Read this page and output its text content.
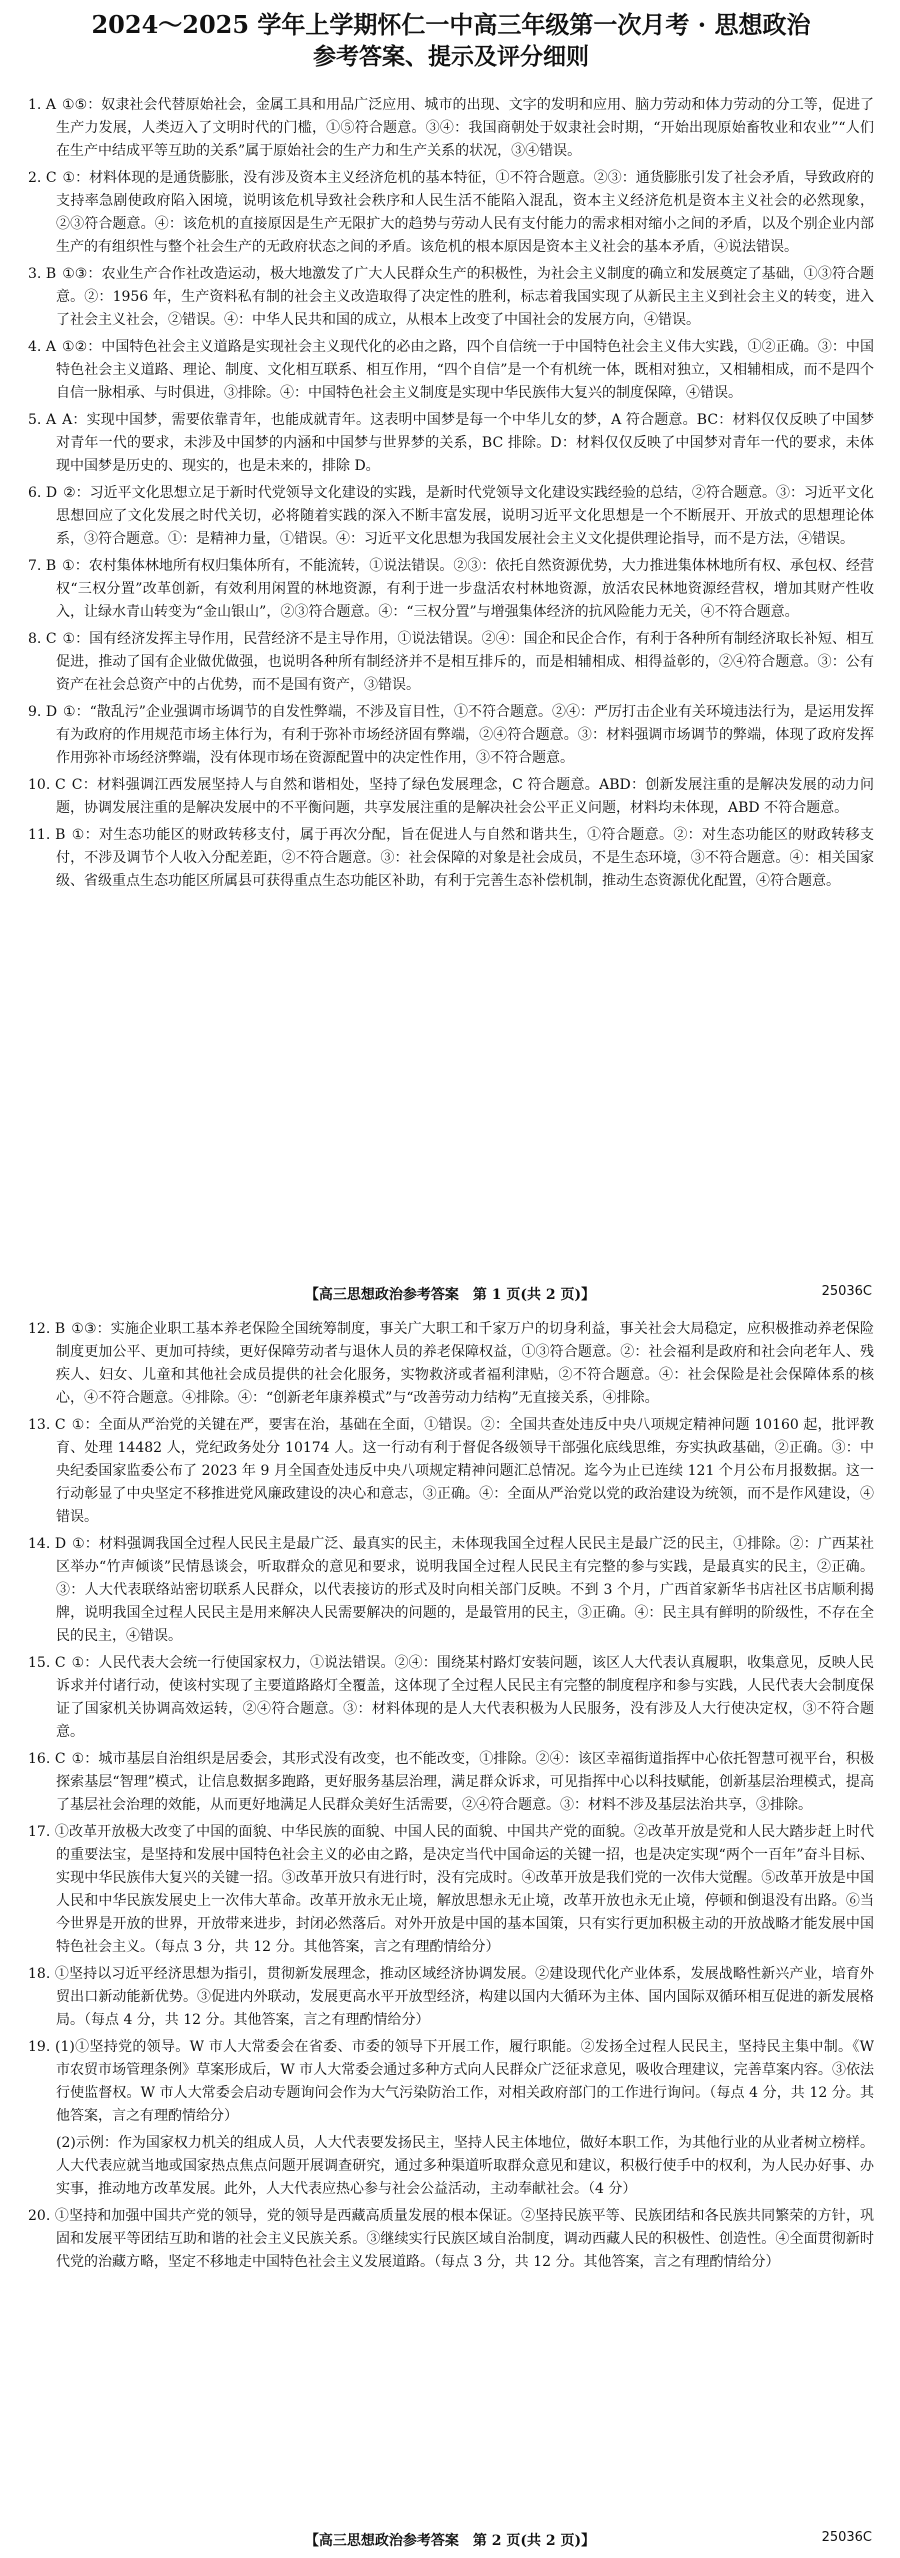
2024～2025 学年上学期怀仁一中高三年级第一次月考 · 思想政治
参考答案、提示及评分细则

1. A ①⑤：奴隶社会代替原始社会，金属工具和用品广泛应用、城市的出现、文字的发明和应用、脑力劳动和体力劳动的分工等，促进了生产力发展，人类迈入了文明时代的门槛，①⑤符合题意。③④：我国商朝处于奴隶社会时期，“开始出现原始畜牧业和农业”“人们在生产中结成平等互助的关系”属于原始社会的生产力和生产关系的状况，③④错误。

2. C ①：材料体现的是通货膨胀，没有涉及资本主义经济危机的基本特征，①不符合题意。②③：通货膨胀引发了社会矛盾，导致政府的支持率急剧使政府陷入困境，说明该危机导致社会秩序和人民生活不能陷入混乱，资本主义经济危机是资本主义社会的必然现象，②③符合题意。④：该危机的直接原因是生产无限扩大的趋势与劳动人民有支付能力的需求相对缩小之间的矛盾，以及个别企业内部生产的有组织性与整个社会生产的无政府状态之间的矛盾。该危机的根本原因是资本主义社会的基本矛盾，④说法错误。

3. B ①③：农业生产合作社改造运动，极大地激发了广大人民群众生产的积极性，为社会主义制度的确立和发展奠定了基础，①③符合题意。②：1956 年，生产资料私有制的社会主义改造取得了决定性的胜利，标志着我国实现了从新民主主义到社会主义的转变，进入了社会主义社会，②错误。④：中华人民共和国的成立，从根本上改变了中国社会的发展方向，④错误。

4. A ①②：中国特色社会主义道路是实现社会主义现代化的必由之路，四个自信统一于中国特色社会主义伟大实践，①②正确。③：中国特色社会主义道路、理论、制度、文化相互联系、相互作用，“四个自信”是一个有机统一体，既相对独立，又相辅相成，而不是四个自信一脉相承、与时俱进，③排除。④：中国特色社会主义制度是实现中华民族伟大复兴的制度保障，④错误。

5. A A：实现中国梦，需要依靠青年，也能成就青年。这表明中国梦是每一个中华儿女的梦，A 符合题意。BC：材料仅仅反映了中国梦对青年一代的要求，未涉及中国梦的内涵和中国梦与世界梦的关系，BC 排除。D：材料仅仅反映了中国梦对青年一代的要求，未体现中国梦是历史的、现实的，也是未来的，排除 D。

6. D ②：习近平文化思想立足于新时代党领导文化建设的实践，是新时代党领导文化建设实践经验的总结，②符合题意。③：习近平文化思想回应了文化发展之时代关切，必将随着实践的深入不断丰富发展，说明习近平文化思想是一个不断展开、开放式的思想理论体系，③符合题意。①：是精神力量，①错误。④：习近平文化思想为我国发展社会主义文化提供理论指导，而不是方法，④错误。

7. B ①：农村集体林地所有权归集体所有，不能流转，①说法错误。②③：依托自然资源优势，大力推进集体林地所有权、承包权、经营权“三权分置”改革创新，有效利用闲置的林地资源，有利于进一步盘活农村林地资源，放活农民林地资源经营权，增加其财产性收入，让绿水青山转变为“金山银山”，②③符合题意。④：“三权分置”与增强集体经济的抗风险能力无关，④不符合题意。

8. C ①：国有经济发挥主导作用，民营经济不是主导作用，①说法错误。②④：国企和民企合作，有利于各种所有制经济取长补短、相互促进，推动了国有企业做优做强，也说明各种所有制经济并不是相互排斥的，而是相辅相成、相得益彰的，②④符合题意。③：公有资产在社会总资产中的占优势，而不是国有资产，③错误。

9. D ①：“散乱污”企业强调市场调节的自发性弊端，不涉及盲目性，①不符合题意。②④：严厉打击企业有关环境违法行为，是运用发挥有为政府的作用规范市场主体行为，有利于弥补市场经济固有弊端，②④符合题意。③：材料强调市场调节的弊端，体现了政府发挥作用弥补市场经济弊端，没有体现市场在资源配置中的决定性作用，③不符合题意。

10. C C：材料强调江西发展坚持人与自然和谐相处，坚持了绿色发展理念，C 符合题意。ABD：创新发展注重的是解决发展的动力问题，协调发展注重的是解决发展中的不平衡问题，共享发展注重的是解决社会公平正义问题，材料均未体现，ABD 不符合题意。

11. B ①：对生态功能区的财政转移支付，属于再次分配，旨在促进人与自然和谐共生，①符合题意。②：对生态功能区的财政转移支付，不涉及调节个人收入分配差距，②不符合题意。③：社会保障的对象是社会成员，不是生态环境，③不符合题意。④：相关国家级、省级重点生态功能区所属县可获得重点生态功能区补助，有利于完善生态补偿机制，推动生态资源优化配置，④符合题意。

【高三思想政治参考答案　第 1 页(共 2 页)】	25036C

12. B ①③：实施企业职工基本养老保险全国统筹制度，事关广大职工和千家万户的切身利益，事关社会大局稳定，应积极推动养老保险制度更加公平、更加可持续，更好保障劳动者与退休人员的养老保障权益，①③符合题意。②：社会福利是政府和社会向老年人、残疾人、妇女、儿童和其他社会成员提供的社会化服务，实物救济或者福利津贴，②不符合题意。④：社会保险是社会保障体系的核心，④不符合题意。④排除。④：“创新老年康养模式”与“改善劳动力结构”无直接关系，④排除。

13. C ①：全面从严治党的关键在严，要害在治，基础在全面，①错误。②：全国共查处违反中央八项规定精神问题 10160 起，批评教育、处理 14482 人，党纪政务处分 10174 人。这一行动有利于督促各级领导干部强化底线思维，夯实执政基础，②正确。③：中央纪委国家监委公布了 2023 年 9 月全国查处违反中央八项规定精神问题汇总情况。迄今为止已连续 121 个月公布月报数据。这一行动彰显了中央坚定不移推进党风廉政建设的决心和意志，③正确。④：全面从严治党以党的政治建设为统领，而不是作风建设，④错误。

14. D ①：材料强调我国全过程人民民主是最广泛、最真实的民主，未体现我国全过程人民民主是最广泛的民主，①排除。②：广西某社区举办“竹声倾谈”民情恳谈会，听取群众的意见和要求，说明我国全过程人民民主有完整的参与实践，是最真实的民主，②正确。③：人大代表联络站密切联系人民群众，以代表接访的形式及时向相关部门反映。不到 3 个月，广西首家新华书店社区书店顺利揭牌，说明我国全过程人民民主是用来解决人民需要解决的问题的，是最管用的民主，③正确。④：民主具有鲜明的阶级性，不存在全民的民主，④错误。

15. C ①：人民代表大会统一行使国家权力，①说法错误。②④：围绕某村路灯安装问题，该区人大代表认真履职，收集意见，反映人民诉求并付诸行动，使该村实现了主要道路路灯全覆盖，这体现了全过程人民民主有完整的制度程序和参与实践，人民代表大会制度保证了国家机关协调高效运转，②④符合题意。③：材料体现的是人大代表积极为人民服务，没有涉及人大行使决定权，③不符合题意。

16. C ①：城市基层自治组织是居委会，其形式没有改变，也不能改变，①排除。②④：该区幸福街道指挥中心依托智慧可视平台，积极探索基层“智理”模式，让信息数据多跑路，更好服务基层治理，满足群众诉求，可见指挥中心以科技赋能，创新基层治理模式，提高了基层社会治理的效能，从而更好地满足人民群众美好生活需要，②④符合题意。③：材料不涉及基层法治共享，③排除。

17. ①改革开放极大改变了中国的面貌、中华民族的面貌、中国人民的面貌、中国共产党的面貌。②改革开放是党和人民大踏步赶上时代的重要法宝，是坚持和发展中国特色社会主义的必由之路，是决定当代中国命运的关键一招，也是决定实现“两个一百年”奋斗目标、实现中华民族伟大复兴的关键一招。③改革开放只有进行时，没有完成时。④改革开放是我们党的一次伟大觉醒。⑤改革开放是中国人民和中华民族发展史上一次伟大革命。改革开放永无止境，解放思想永无止境，改革开放也永无止境，停顿和倒退没有出路。⑥当今世界是开放的世界，开放带来进步，封闭必然落后。对外开放是中国的基本国策，只有实行更加积极主动的开放战略才能发展中国特色社会主义。（每点 3 分，共 12 分。其他答案，言之有理酌情给分）

18. ①坚持以习近平经济思想为指引，贯彻新发展理念，推动区域经济协调发展。②建设现代化产业体系，发展战略性新兴产业，培育外贸出口新动能新优势。③促进内外联动，发展更高水平开放型经济，构建以国内大循环为主体、国内国际双循环相互促进的新发展格局。（每点 4 分，共 12 分。其他答案，言之有理酌情给分）

19. (1)①坚持党的领导。W 市人大常委会在省委、市委的领导下开展工作，履行职能。②发扬全过程人民民主，坚持民主集中制。《W 市农贸市场管理条例》草案形成后，W 市人大常委会通过多种方式向人民群众广泛征求意见，吸收合理建议，完善草案内容。③依法行使监督权。W 市人大常委会启动专题询问会作为大气污染防治工作，对相关政府部门的工作进行询问。（每点 4 分，共 12 分。其他答案，言之有理酌情给分）

(2)示例：作为国家权力机关的组成人员，人大代表要发扬民主，坚持人民主体地位，做好本职工作，为其他行业的从业者树立榜样。人大代表应就当地或国家热点焦点问题开展调查研究，通过多种渠道听取群众意见和建议，积极行使手中的权利，为人民办好事、办实事，推动地方改革发展。此外，人大代表应热心参与社会公益活动，主动奉献社会。（4 分）

20. ①坚持和加强中国共产党的领导，党的领导是西藏高质量发展的根本保证。②坚持民族平等、民族团结和各民族共同繁荣的方针，巩固和发展平等团结互助和谐的社会主义民族关系。③继续实行民族区域自治制度，调动西藏人民的积极性、创造性。④全面贯彻新时代党的治藏方略，坚定不移地走中国特色社会主义发展道路。（每点 3 分，共 12 分。其他答案，言之有理酌情给分）

【高三思想政治参考答案　第 2 页(共 2 页)】	25036C
